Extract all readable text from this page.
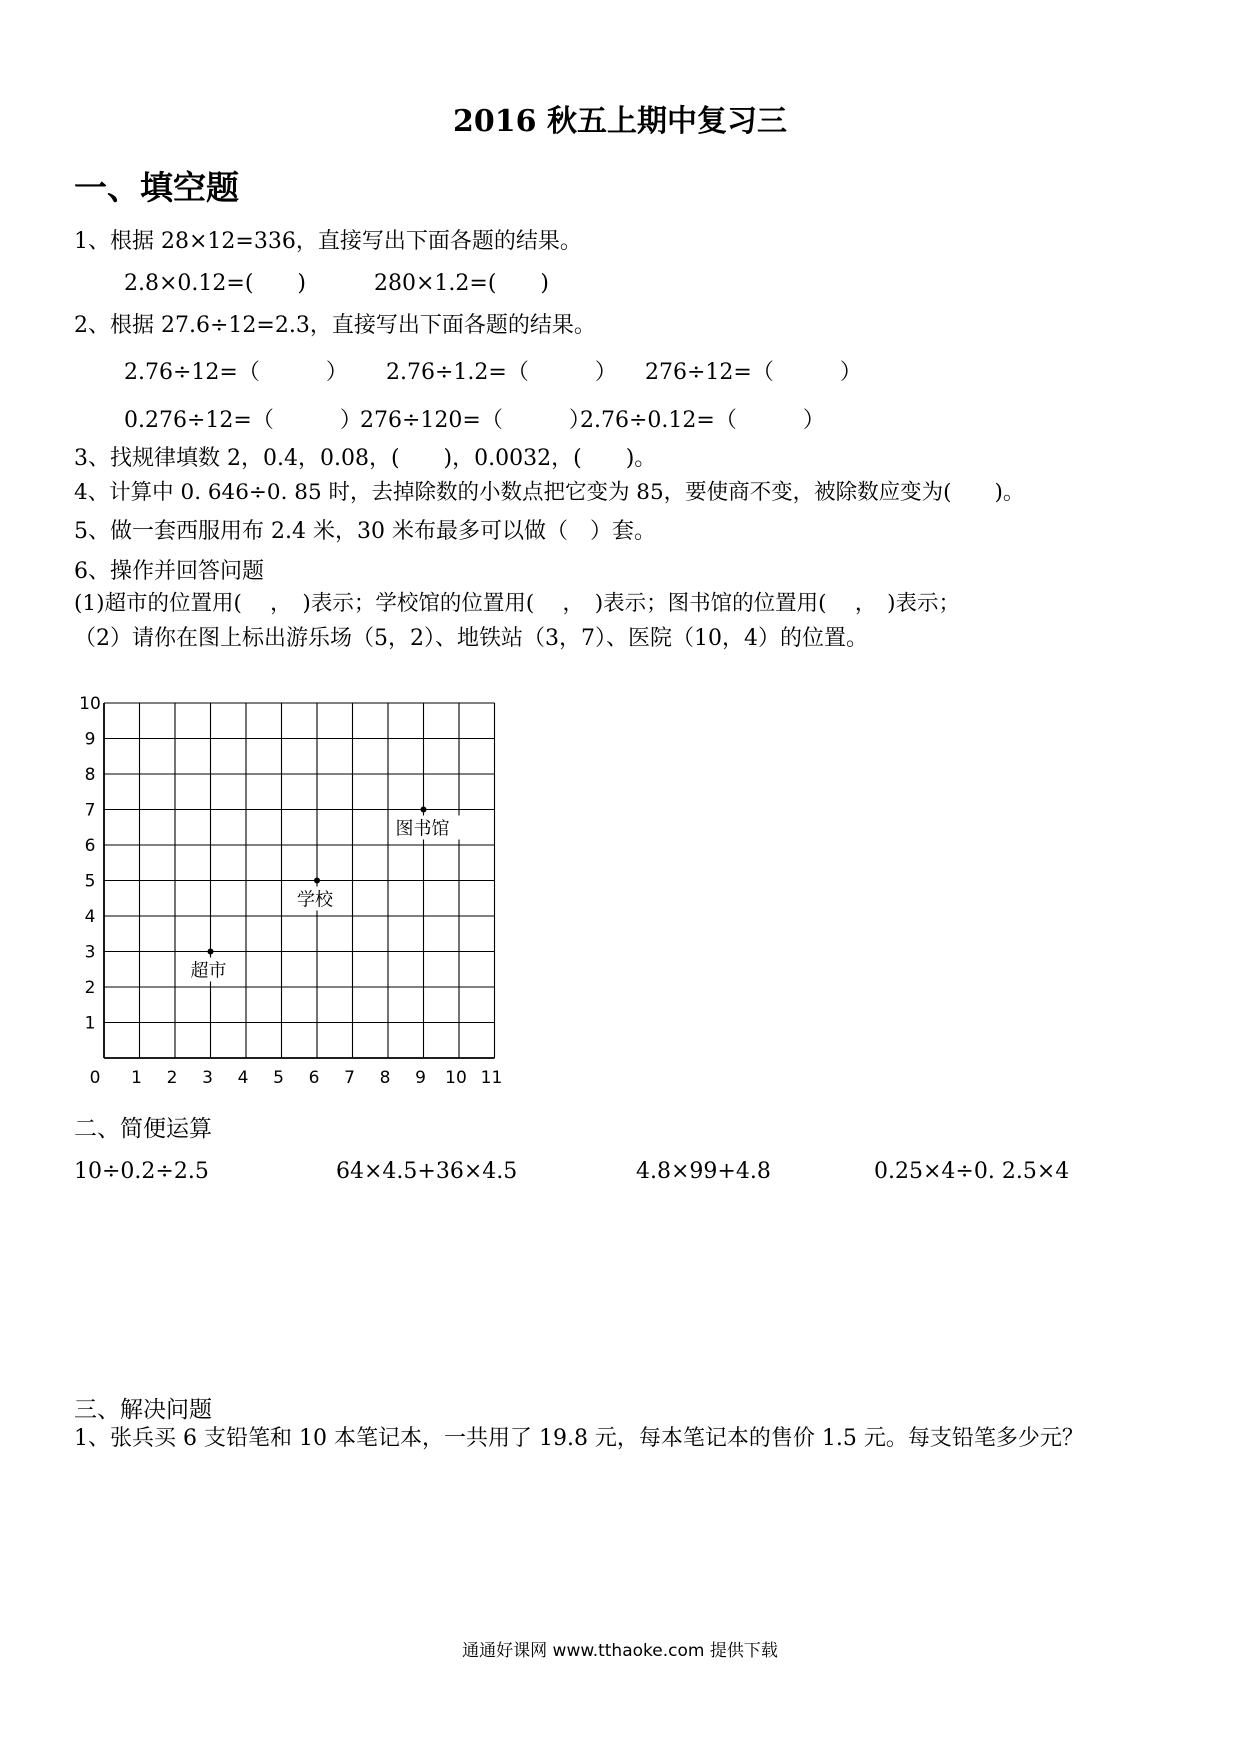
2016 秋五上期中复习三
一、填空题
1、根据 28×12=336，直接写出下面各题的结果。
2.8×0.12=(　　)	280×1.2=(　　)
2、根据 27.6÷12=2.3，直接写出下面各题的结果。
2.76÷12=（　　　） 2.76÷1.2=（　　　） 276÷12=（　　　）
0.276÷12=（　　　）
276÷120=（　　　）
2.76÷0.12=（　　　）
3、找规律填数 2，0.4，0.08，(　　)，0.0032，(　　)。
4、计算中 0. 646÷0. 85 时，去掉除数的小数点把它变为 85，要使商不变，被除数应变为(　　)。
5、做一套西服用布 2.4 米，30 米布最多可以做（　）套。
6、操作并回答问题
(1)超市的位置用(　 ，　)表示；学校馆的位置用(　 ，　)表示；图书馆的位置用(　 ，　)表示；
（2）请你在图上标出游乐场（5，2）、地铁站（3，7）、医院（10，4）的位置。
0 1 2 3 4 5 6 7 8 9 10 11
1
2
3
4
5
6
7
8
9
10
超市
学校
图书馆
二、简便运算
10÷0.2÷2.5	64×4.5+36×4.5	4.8×99+4.8	0.25×4÷0. 2.5×4
三、解决问题
1、张兵买 6 支铅笔和 10 本笔记本，一共用了 19.8 元，每本笔记本的售价 1.5 元。每支铅笔多少元？
通通好课网 www.tthaoke.com 提供下载
